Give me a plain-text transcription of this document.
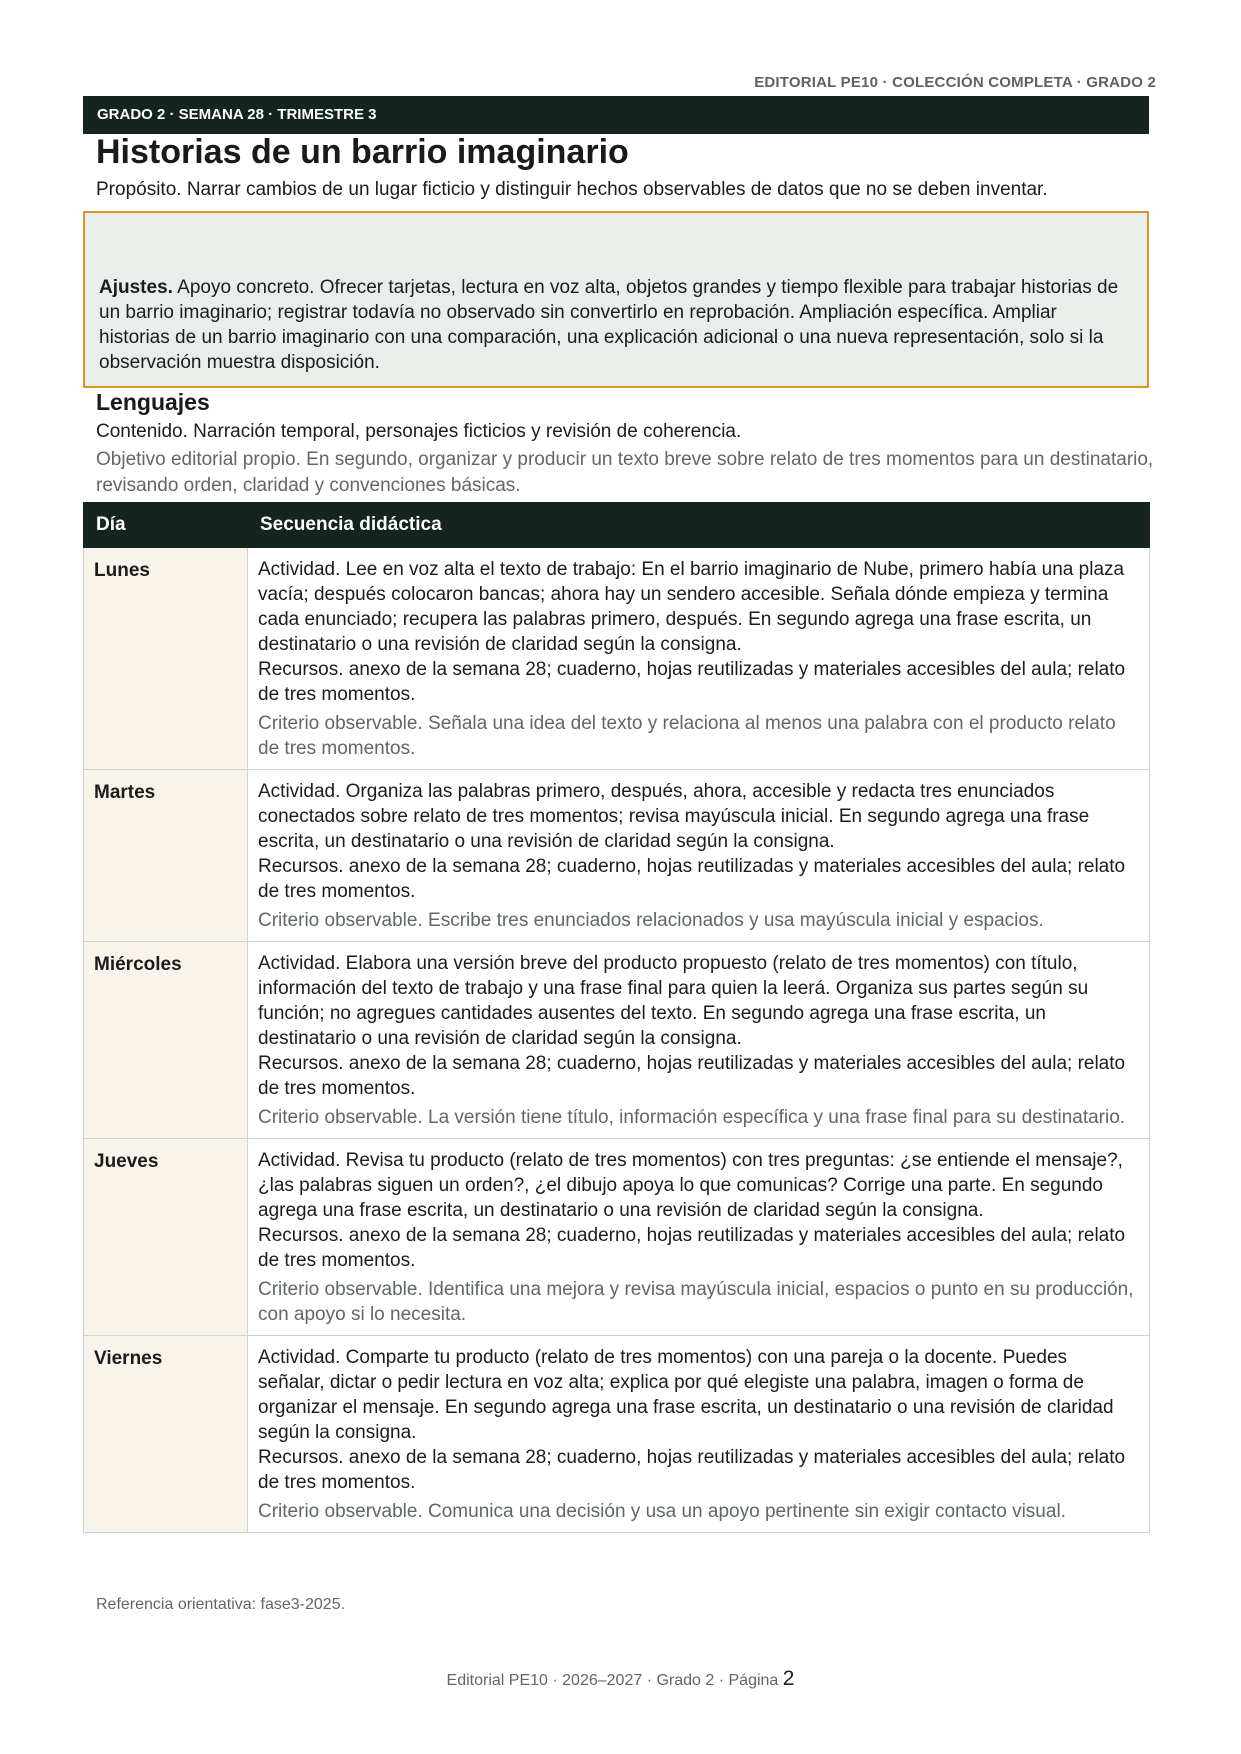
EDITORIAL PE10 · COLECCIÓN COMPLETA · GRADO 2
GRADO 2 · SEMANA 28 · TRIMESTRE 3
Historias de un barrio imaginario
Propósito. Narrar cambios de un lugar ficticio y distinguir hechos observables de datos que no se deben inventar.
Ajustes. Apoyo concreto. Ofrecer tarjetas, lectura en voz alta, objetos grandes y tiempo flexible para trabajar historias de un barrio imaginario; registrar todavía no observado sin convertirlo en reprobación. Ampliación específica. Ampliar historias de un barrio imaginario con una comparación, una explicación adicional o una nueva representación, solo si la observación muestra disposición.
Lenguajes
Contenido. Narración temporal, personajes ficticios y revisión de coherencia.
Objetivo editorial propio. En segundo, organizar y producir un texto breve sobre relato de tres momentos para un destinatario, revisando orden, claridad y convenciones básicas.
Día	Secuencia didáctica
Lunes	Actividad. Lee en voz alta el texto de trabajo: En el barrio imaginario de Nube, primero había una plaza vacía; después colocaron bancas; ahora hay un sendero accesible. Señala dónde empieza y termina cada enunciado; recupera las palabras primero, después. En segundo agrega una frase escrita, un destinatario o una revisión de claridad según la consigna.
Recursos. anexo de la semana 28; cuaderno, hojas reutilizadas y materiales accesibles del aula; relato de tres momentos.
Criterio observable. Señala una idea del texto y relaciona al menos una palabra con el producto relato de tres momentos.

Martes	Actividad. Organiza las palabras primero, después, ahora, accesible y redacta tres enunciados conectados sobre relato de tres momentos; revisa mayúscula inicial. En segundo agrega una frase escrita, un destinatario o una revisión de claridad según la consigna.
Recursos. anexo de la semana 28; cuaderno, hojas reutilizadas y materiales accesibles del aula; relato de tres momentos.
Criterio observable. Escribe tres enunciados relacionados y usa mayúscula inicial y espacios.

Miércoles	Actividad. Elabora una versión breve del producto propuesto (relato de tres momentos) con título, información del texto de trabajo y una frase final para quien la leerá. Organiza sus partes según su función; no agregues cantidades ausentes del texto. En segundo agrega una frase escrita, un destinatario o una revisión de claridad según la consigna.
Recursos. anexo de la semana 28; cuaderno, hojas reutilizadas y materiales accesibles del aula; relato de tres momentos.
Criterio observable. La versión tiene título, información específica y una frase final para su destinatario.

Jueves	Actividad. Revisa tu producto (relato de tres momentos) con tres preguntas: ¿se entiende el mensaje?, ¿las palabras siguen un orden?, ¿el dibujo apoya lo que comunicas? Corrige una parte. En segundo agrega una frase escrita, un destinatario o una revisión de claridad según la consigna.
Recursos. anexo de la semana 28; cuaderno, hojas reutilizadas y materiales accesibles del aula; relato de tres momentos.
Criterio observable. Identifica una mejora y revisa mayúscula inicial, espacios o punto en su producción, con apoyo si lo necesita.

Viernes	Actividad. Comparte tu producto (relato de tres momentos) con una pareja o la docente. Puedes señalar, dictar o pedir lectura en voz alta; explica por qué elegiste una palabra, imagen o forma de organizar el mensaje. En segundo agrega una frase escrita, un destinatario o una revisión de claridad según la consigna.
Recursos. anexo de la semana 28; cuaderno, hojas reutilizadas y materiales accesibles del aula; relato de tres momentos.
Criterio observable. Comunica una decisión y usa un apoyo pertinente sin exigir contacto visual.
Referencia orientativa: fase3-2025.
Editorial PE10 · 2026–2027 · Grado 2 · Página 2
